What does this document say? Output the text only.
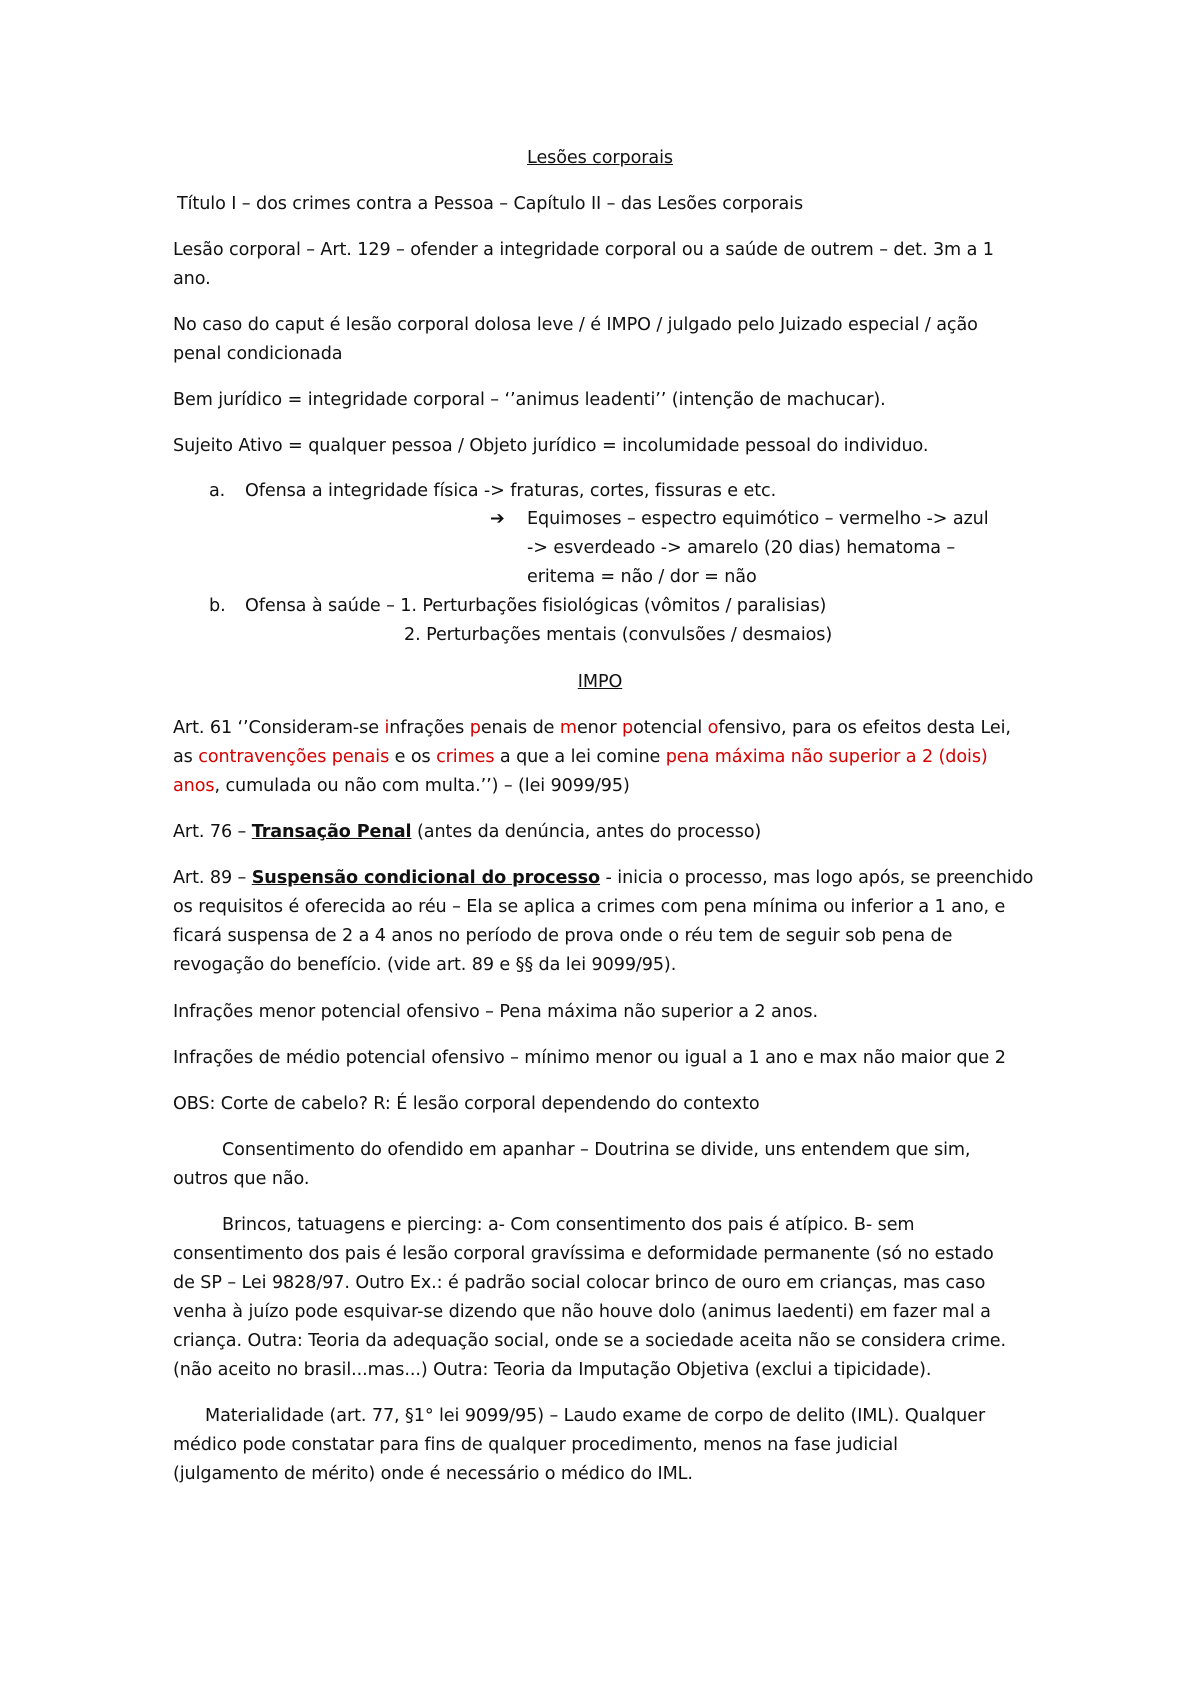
Lesões corporais
Título I – dos crimes contra a Pessoa – Capítulo II – das Lesões corporais
Lesão corporal – Art. 129 – ofender a integridade corporal ou a saúde de outrem – det. 3m a 1
ano.
No caso do caput é lesão corporal dolosa leve / é IMPO / julgado pelo Juizado especial / ação
penal condicionada
Bem jurídico = integridade corporal – ‘’animus leadenti’’ (intenção de machucar).
Sujeito Ativo = qualquer pessoa / Objeto jurídico = incolumidade pessoal do individuo.
a. Ofensa a integridade física -> fraturas, cortes, fissuras e etc.
➔ Equimoses – espectro equimótico – vermelho -> azul
-> esverdeado -> amarelo (20 dias) hematoma –
eritema = não / dor = não
b. Ofensa à saúde – 1. Perturbações fisiológicas (vômitos / paralisias)
2. Perturbações mentais (convulsões / desmaios)
IMPO
Art. 61 ‘’Consideram-se infrações penais de menor potencial ofensivo, para os efeitos desta Lei,
as contravenções penais e os crimes a que a lei comine pena máxima não superior a 2 (dois)
anos, cumulada ou não com multa.’’) – (lei 9099/95)
Art. 76 – Transação Penal (antes da denúncia, antes do processo)
Art. 89 – Suspensão condicional do processo - inicia o processo, mas logo após, se preenchido
os requisitos é oferecida ao réu – Ela se aplica a crimes com pena mínima ou inferior a 1 ano, e
ficará suspensa de 2 a 4 anos no período de prova onde o réu tem de seguir sob pena de
revogação do benefício. (vide art. 89 e §§ da lei 9099/95).
Infrações menor potencial ofensivo – Pena máxima não superior a 2 anos.
Infrações de médio potencial ofensivo – mínimo menor ou igual a 1 ano e max não maior que 2
OBS: Corte de cabelo? R: É lesão corporal dependendo do contexto
Consentimento do ofendido em apanhar – Doutrina se divide, uns entendem que sim,
outros que não.
Brincos, tatuagens e piercing: a- Com consentimento dos pais é atípico. B- sem
consentimento dos pais é lesão corporal gravíssima e deformidade permanente (só no estado
de SP – Lei 9828/97. Outro Ex.: é padrão social colocar brinco de ouro em crianças, mas caso
venha à juízo pode esquivar-se dizendo que não houve dolo (animus laedenti) em fazer mal a
criança. Outra: Teoria da adequação social, onde se a sociedade aceita não se considera crime.
(não aceito no brasil...mas...) Outra: Teoria da Imputação Objetiva (exclui a tipicidade).
Materialidade (art. 77, §1° lei 9099/95) – Laudo exame de corpo de delito (IML). Qualquer
médico pode constatar para fins de qualquer procedimento, menos na fase judicial
(julgamento de mérito) onde é necessário o médico do IML.
